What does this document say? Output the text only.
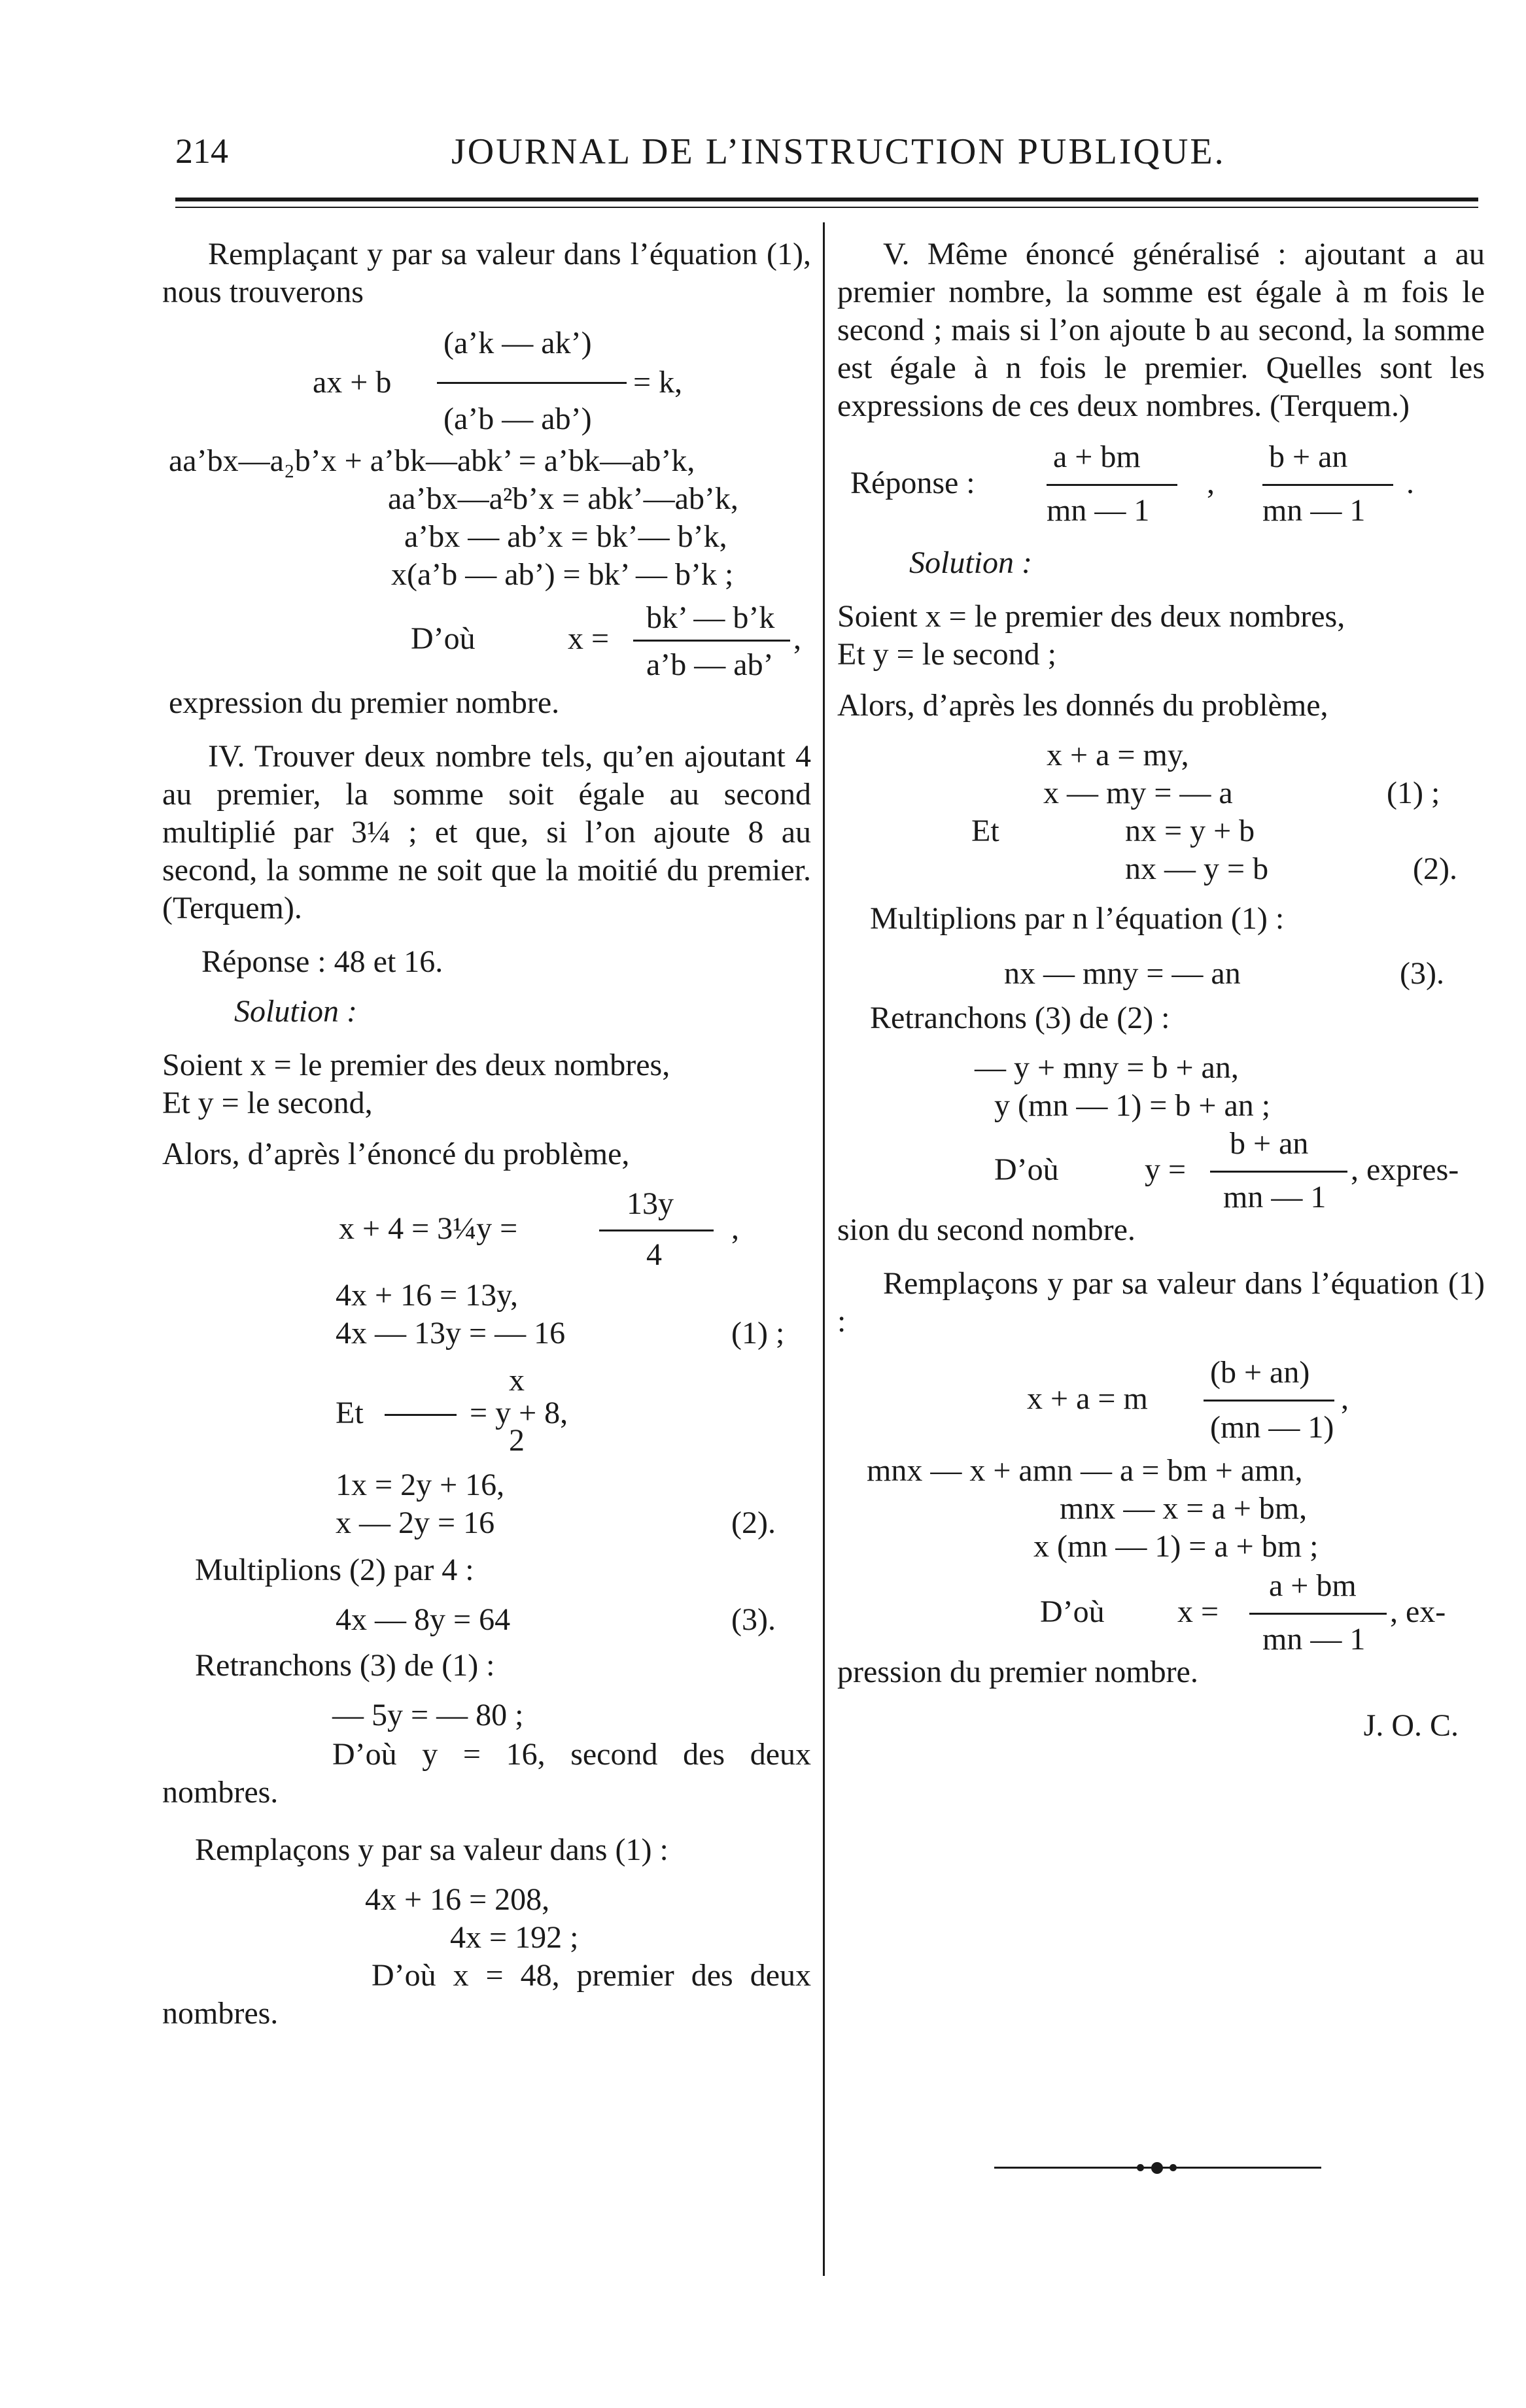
214	JOURNAL DE L’INSTRUCTION PUBLIQUE.

Remplaçant y par sa valeur dans l’équation (1), nous trouverons

(a’k — ak’)
ax + b	= k,
(a’b — ab’)
aa’bx—a₂b’x + a’bk—abk’ = a’bk—ab’k,
aa’bx—a²b’x = abk’—ab’k,
a’bx — ab’x = bk’— b’k,
x(a’b — ab’) = bk’ — b’k ;
bk’ — b’k
D’où	x =	,
a’b — ab’

expression du premier nombre.

IV. Trouver deux nombre tels, qu’en ajoutant 4 au premier, la somme soit égale au second multiplié par 3¼ ; et que, si l’on ajoute 8 au second, la somme ne soit que la moitié du premier. (Terquem).

Réponse : 48 et 16.

Solution :

Soient x = le premier des deux nombres,

Et y = le second,

Alors, d’après l’énoncé du problème,

13y
x + 4 = 3¼y =	,
4
4x + 16 = 13y,
4x — 13y = — 16	(1) ;
x
Et	= y + 8,
2
1x = 2y + 16,
x — 2y = 16	(2).

Multiplions (2) par 4 :

4x — 8y = 64	(3).

Retranchons (3) de (1) :

— 5y = — 80 ;

D’où y = 16, second des deux nombres.

Remplaçons y par sa valeur dans (1) :

4x + 16 = 208,
4x = 192 ;

D’où x = 48, premier des deux nombres.

V. Même énoncé généralisé : ajoutant a au premier nombre, la somme est égale à m fois le second ; mais si l’on ajoute b au second, la somme est égale à n fois le premier. Quelles sont les expressions de ces deux nombres. (Terquem.)

Réponse :
a + bm
mn — 1
,
b + an
mn — 1
.

Solution :

Soient x = le premier des deux nombres,

Et y = le second ;

Alors, d’après les donnés du problème,

x + a = my,
x — my = — a	(1) ;
Et	nx = y + b
nx — y = b	(2).

Multiplions par n l’équation (1) :

nx — mny = — an	(3).

Retranchons (3) de (2) :

— y + mny = b + an,
y (mn — 1) = b + an ;
b + an
D’où	y =	, expres-
mn — 1

sion du second nombre.

Remplaçons y par sa valeur dans l’équation (1) :

(b + an)
x + a = m	,
(mn — 1)
mnx — x + amn — a = bm + amn,
mnx — x = a + bm,
x (mn — 1) = a + bm ;
a + bm
D’où x =	, ex-
mn — 1

pression du premier nombre.

J. O. C.
